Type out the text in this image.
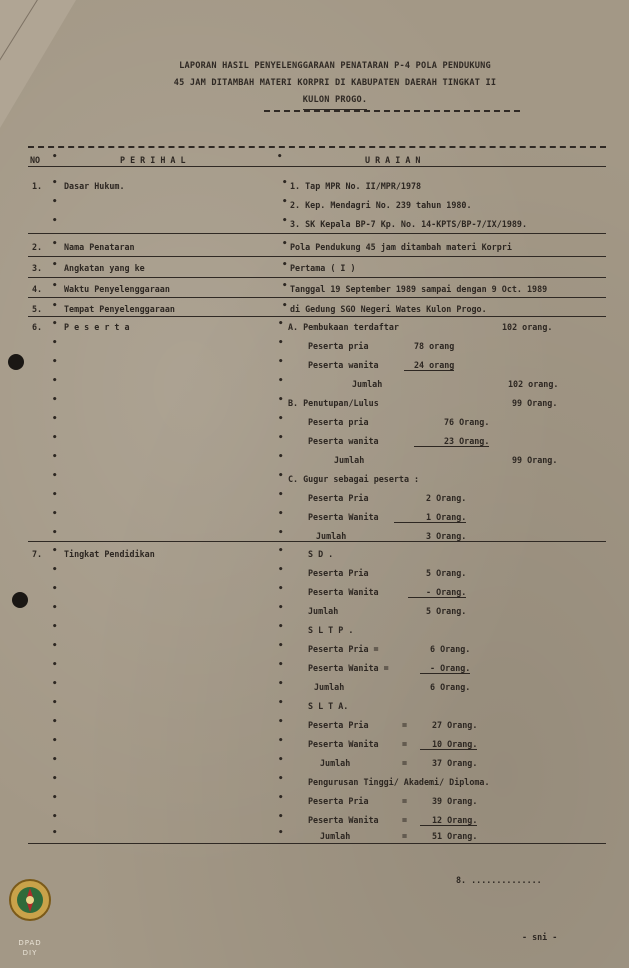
LAPORAN HASIL PENYELENGGARAAN PENATARAN P-4 POLA PENDUKUNG
45 JAM DITAMBAH MATERI KORPRI DI KABUPATEN DAERAH TINGKAT II
KULON PROGO.
NO •	P E R I H A L	•	U R A I A N
1. • Dasar Hukum.	• 1. Tap MPR No. II/MPR/1978
•	• 2. Kep. Mendagri No. 239 tahun 1980.
•	• 3. SK Kepala BP-7 Kp. No. 14-KPTS/BP-7/IX/1989.
2. • Nama Penataran	• Pola Pendukung 45 jam ditambah materi Korpri
3. • Angkatan yang ke	• Pertama ( I )
4. • Waktu Penyelenggaraan	• Tanggal 19 September 1989 sampai dengan 9 Oct. 1989
5. • Tempat Penyelenggaraan	• di Gedung SGO Negeri Wates Kulon Progo.
6. • P e s e r t a	• A. Pembukaan terdaftar	102 orang.
•	•	Peserta pria	78 orang
•	•	Peserta wanita	24 orang
•	•	Jumlah	102 orang.
•	• B. Penutupan/Lulus	99 Orang.
•	•	Peserta pria	76 Orang.
•	•	Peserta wanita	23 Orang.
•	•	Jumlah	99 Orang.
•	• C. Gugur sebagai peserta :
•	•	Peserta Pria	2 Orang.
•	•	Peserta Wanita	1 Orang.
•	•	Jumlah	3 Orang.
7. • Tingkat Pendidikan	•	S D .
•	•	Peserta Pria	5 Orang.
•	•	Peserta Wanita	- Orang.
•	•	Jumlah	5 Orang.
•	•	S L T P .
•	•	Peserta Pria =	6 Orang.
•	•	Peserta Wanita =	- Orang.
•	•	Jumlah	6 Orang.
•	•	S L T A.
•	•	Peserta Pria	=	27 Orang.
•	•	Peserta Wanita	=	10 Orang.
•	•	Jumlah	=	37 Orang.
•	•	Pengurusan Tinggi/ Akademi/ Diploma.
•	•	Peserta Pria	=	39 Orang.
•	•	Peserta Wanita	=	12 Orang.
•	•	Jumlah	=	51 Orang.
8. ..............
- sni -
DPAD
DIY
